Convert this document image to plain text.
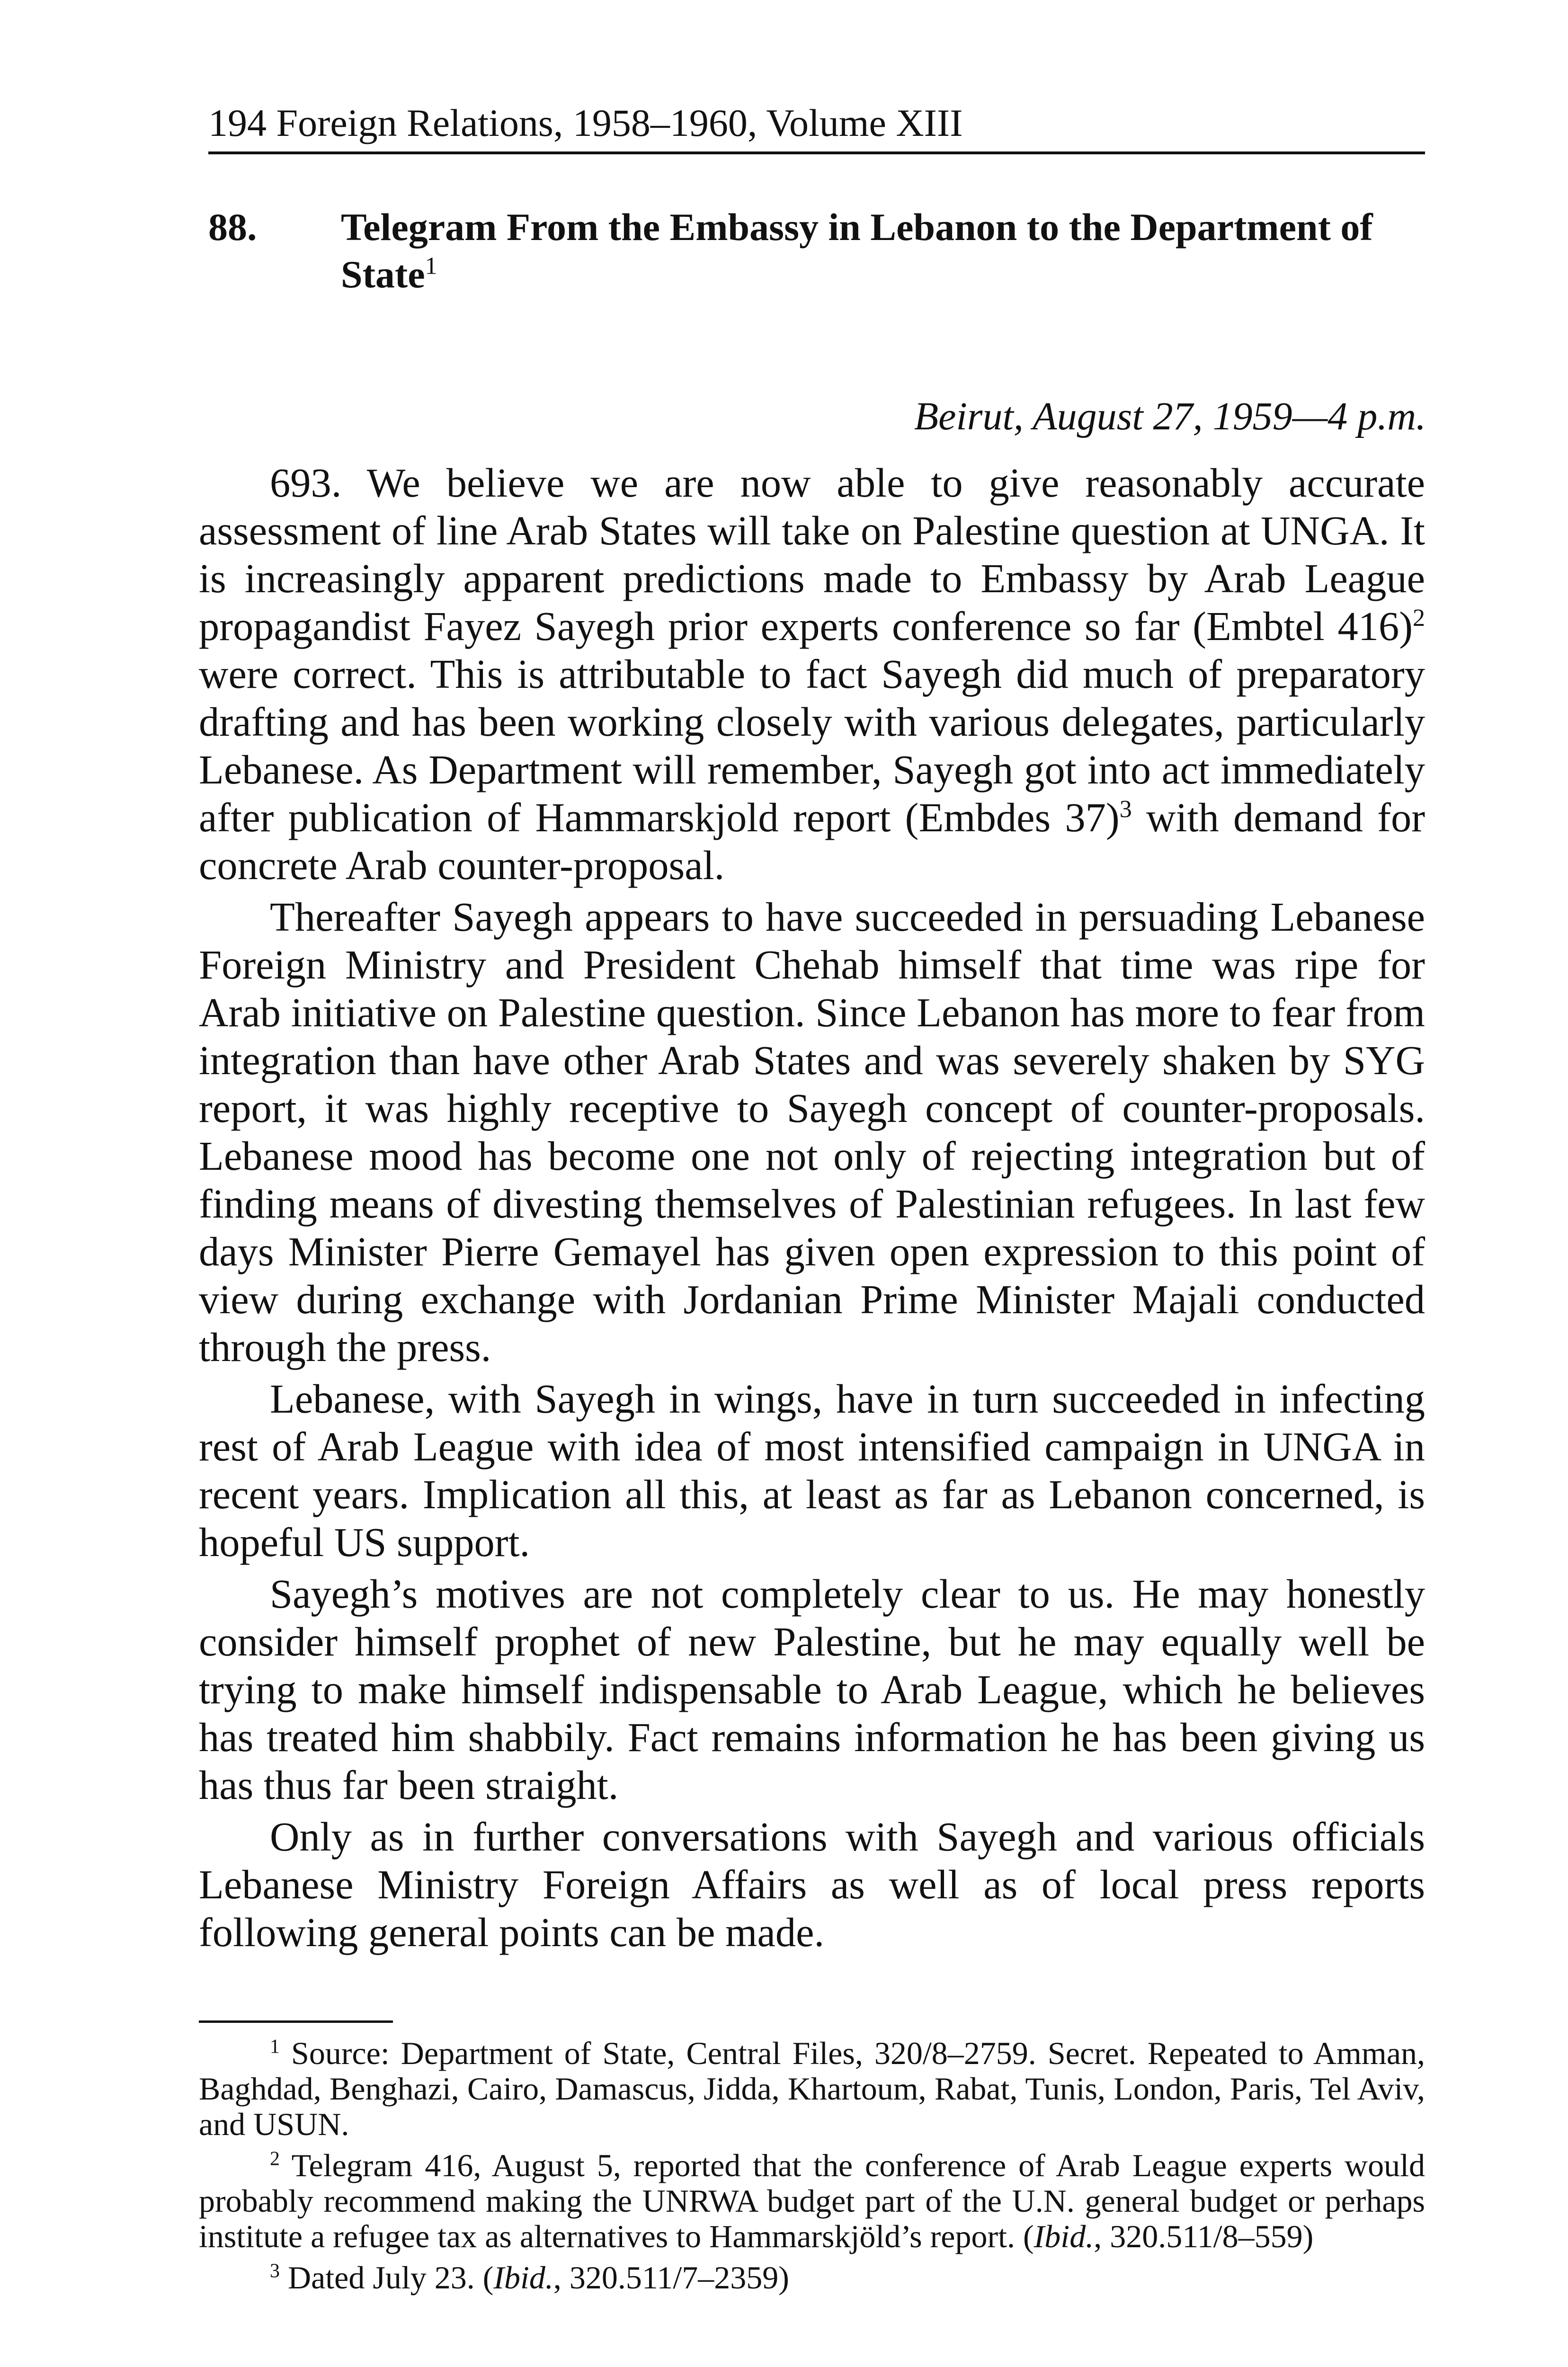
194 Foreign Relations, 1958–1960, Volume XIII
88. Telegram From the Embassy in Lebanon to the Department of State$^1$
Beirut, August 27, 1959—4 p.m.

693. We believe we are now able to give reasonably accurate assessment of line Arab States will take on Palestine question at UNGA. It is increasingly apparent predictions made to Embassy by Arab League propagandist Fayez Sayegh prior experts conference so far (Embtel 416)$^2$ were correct. This is attributable to fact Sayegh did much of preparatory drafting and has been working closely with various delegates, particularly Lebanese. As Department will remember, Sayegh got into act immediately after publication of Hammarskjold report (Embdes 37)$^3$ with demand for concrete Arab counter-proposal.

Thereafter Sayegh appears to have succeeded in persuading Lebanese Foreign Ministry and President Chehab himself that time was ripe for Arab initiative on Palestine question. Since Lebanon has more to fear from integration than have other Arab States and was severely shaken by SYG report, it was highly receptive to Sayegh concept of counter-proposals. Lebanese mood has become one not only of rejecting integration but of finding means of divesting themselves of Palestinian refugees. In last few days Minister Pierre Gemayel has given open expression to this point of view during exchange with Jordanian Prime Minister Majali conducted through the press.

Lebanese, with Sayegh in wings, have in turn succeeded in infecting rest of Arab League with idea of most intensified campaign in UNGA in recent years. Implication all this, at least as far as Lebanon concerned, is hopeful US support.

Sayegh’s motives are not completely clear to us. He may honestly consider himself prophet of new Palestine, but he may equally well be trying to make himself indispensable to Arab League, which he believes has treated him shabbily. Fact remains information he has been giving us has thus far been straight.

Only as in further conversations with Sayegh and various officials Lebanese Ministry Foreign Affairs as well as of local press reports following general points can be made.

$^1$ Source: Department of State, Central Files, 320/8–2759. Secret. Repeated to Amman, Baghdad, Benghazi, Cairo, Damascus, Jidda, Khartoum, Rabat, Tunis, London, Paris, Tel Aviv, and USUN.

$^2$ Telegram 416, August 5, reported that the conference of Arab League experts would probably recommend making the UNRWA budget part of the U.N. general budget or perhaps institute a refugee tax as alternatives to Hammarskjöld’s report. (Ibid., 320.511/8–559)

$^3$ Dated July 23. (Ibid., 320.511/7–2359)
